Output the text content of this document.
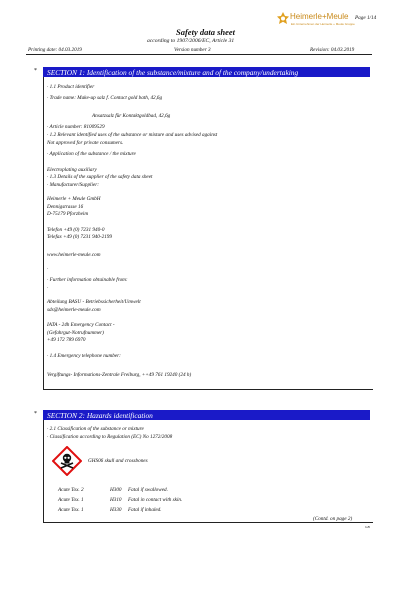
Page 1/14
Safety data sheet
according to 1907/2006/EC, Article 31
Heimerle+Meule
Ein Unternehmen der Heimerle + Meule Gruppe
Printing date: 04.03.2019	Version number 3	Revision: 04.03.2019
* SECTION 1: Identification of the substance/mixture and of the company/undertaking
· 1.1 Product identifier
· Trade name: Make-up salz f. Contact gold bath, 42,6g
Ansatzsalz für Kontaktgoldbad, 42,6g
· Article number: 81009529
· 1.2 Relevant identified uses of the substance or mixture and uses advised against
Not approved for private consumers.
· Application of the substance / the mixture
Electroplating auxiliary
· 1.3 Details of the supplier of the safety data sheet
· Manufacturer/Supplier:
Heimerle + Meule GmbH
Dennigstrasse 16
D-75179 Pforzheim
Telefon +49 (0) 7231 940-0
Telefax +49 (0) 7231 940-2199
www.heimerle-meule.com
·
· Further information obtainable from:
·
Abteilung BASU - Betriebssicherheit/Umwelt
sds@heimerle-meule.com
IATA - 24h Emergency Contact -
(Gefahrgut-Notrufnummer)
+49 172 789 6970
· 1.4 Emergency telephone number:
Vergiftungs- Informations-Zentrale Freiburg, ++49 761 19240 (24 h)
* SECTION 2: Hazards identification
· 2.1 Classification of the substance or mixture
· Classification according to Regulation (EC) No 1272/2008
GHS06 skull and crossbones
Acute Tox. 2	H300 Fatal if swallowed.
Acute Tox. 1	H310 Fatal in contact with skin.
Acute Tox. 1	H330 Fatal if inhaled.
(Contd. on page 2)
GB
